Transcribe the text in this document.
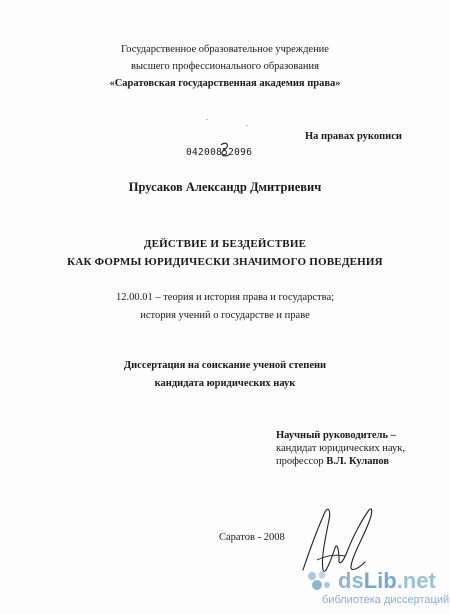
Государственное образовательное учреждение
высшего профессионального образования
«Саратовская государственная академия права»
.
.
На правах рукописи
04200852096
Прусаков Александр Дмитриевич
ДЕЙСТВИЕ И БЕЗДЕЙСТВИЕ
КАК ФОРМЫ ЮРИДИЧЕСКИ ЗНАЧИМОГО ПОВЕДЕНИЯ
12.00.01 – теория и история права и государства;
история учений о государстве и праве
Диссертация на соискание ученой степени
кандидата юридических наук
Научный руководитель –
кандидат юридических наук,
профессор В.Л. Кулапов
Саратов - 2008
dsLib.net
библиотека диссертаций
